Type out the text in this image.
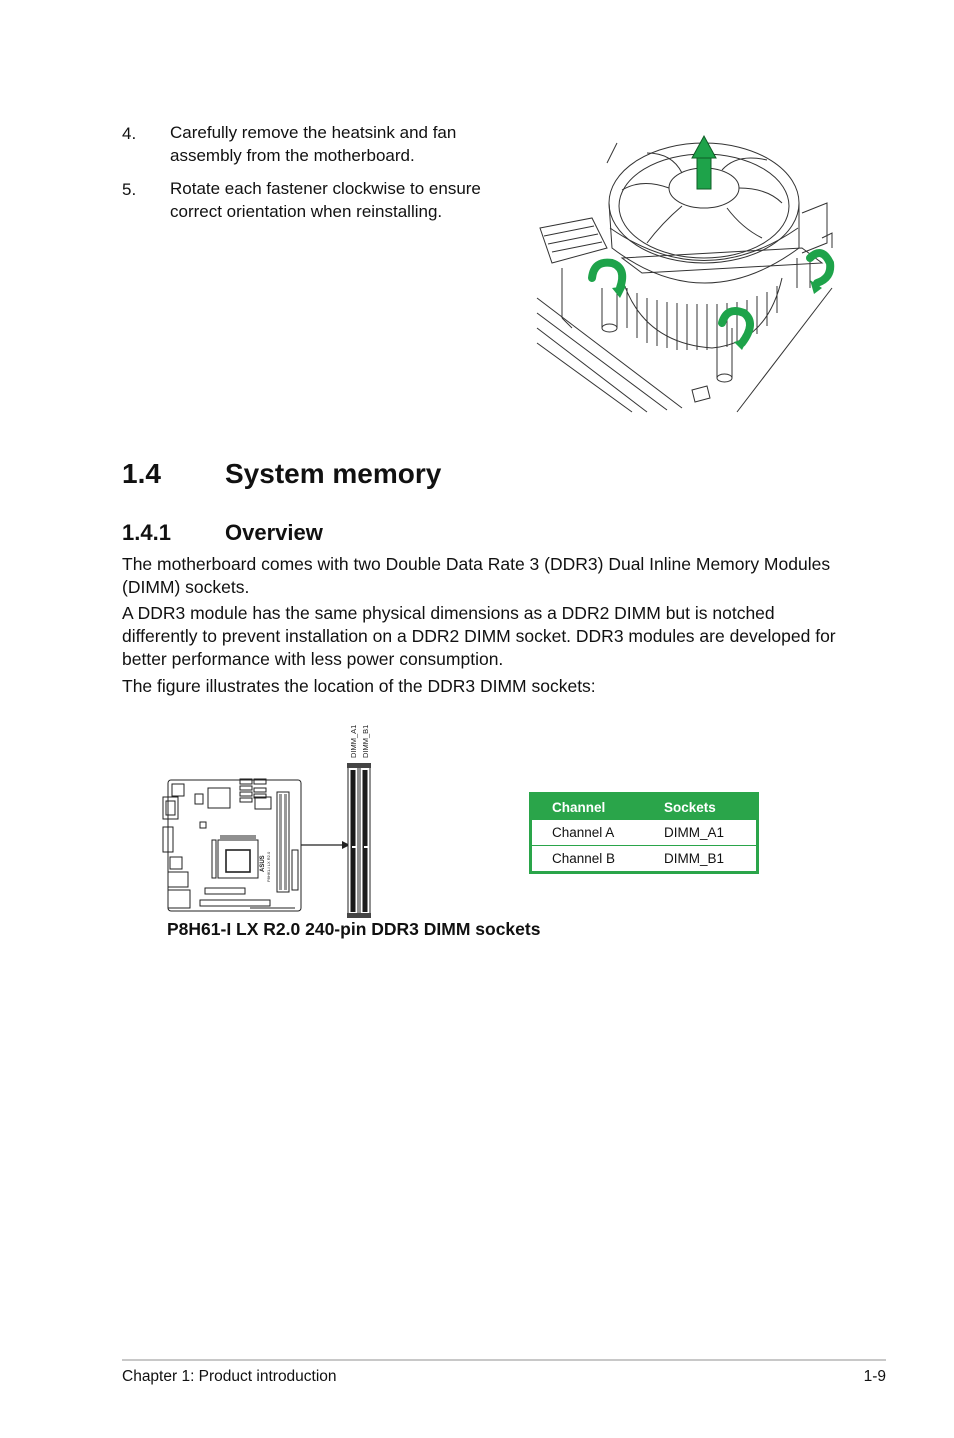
4. Carefully remove the heatsink and fan assembly from the motherboard.
5. Rotate each fastener clockwise to ensure correct orientation when reinstalling.
1.4 System memory
1.4.1 Overview
The motherboard comes with two Double Data Rate 3 (DDR3) Dual Inline Memory Modules (DIMM) sockets.
A DDR3 module has the same physical dimensions as a DDR2 DIMM but is notched differently to prevent installation on a DDR2 DIMM socket. DDR3 modules are developed for better performance with less power consumption.
The figure illustrates the location of the DDR3 DIMM sockets:
ASUS P8H61-I LX R2.0
DIMM_A1 DIMM_B1
Channel	Sockets
Channel A	DIMM_A1
Channel B	DIMM_B1
P8H61-I LX R2.0 240-pin DDR3 DIMM sockets
Chapter 1: Product introduction	1-9
